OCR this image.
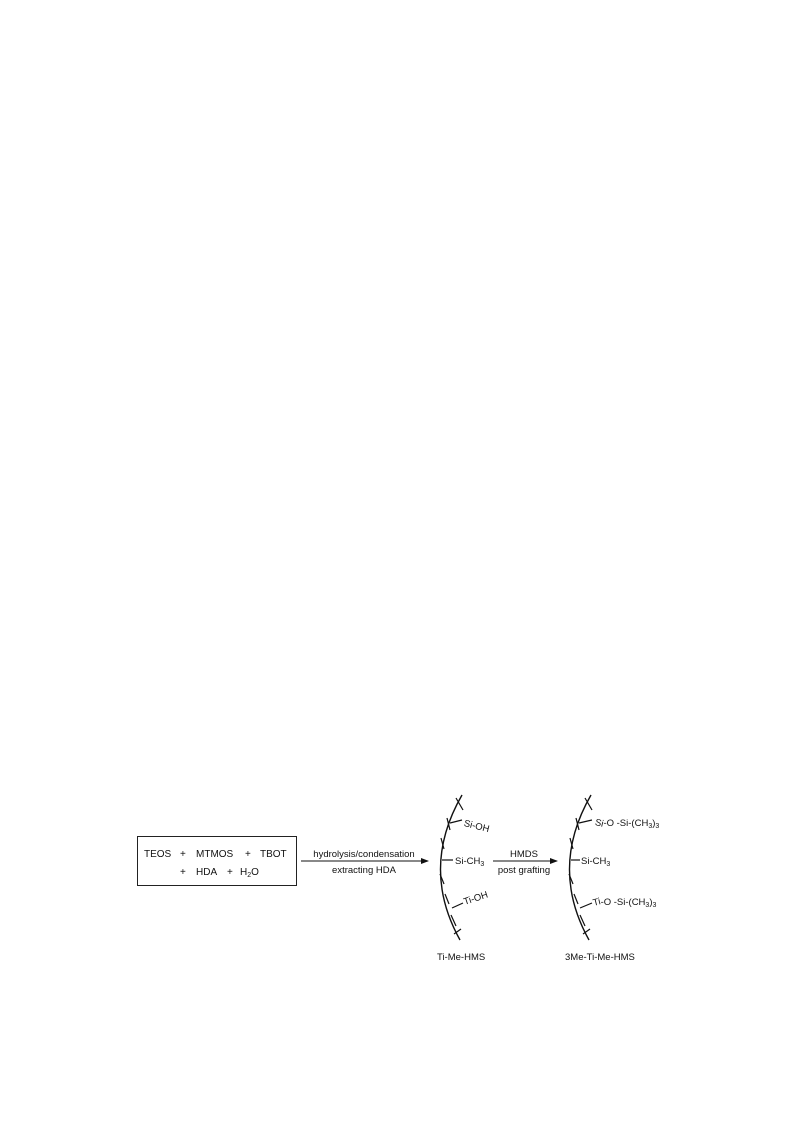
TEOS + MTMOS + TBOT
+ HDA + $H_2O$
hydrolysis/condensation
extracting HDA
HMDS
post grafting
Si-OH
$Si-CH_3$
Ti-OH
Si-O $-Si-(CH_3)_3$
$Si-CH_3$
Ti-O $-Si-(CH_3)_3$
Ti-Me-HMS	3Me-Ti-Me-HMS
